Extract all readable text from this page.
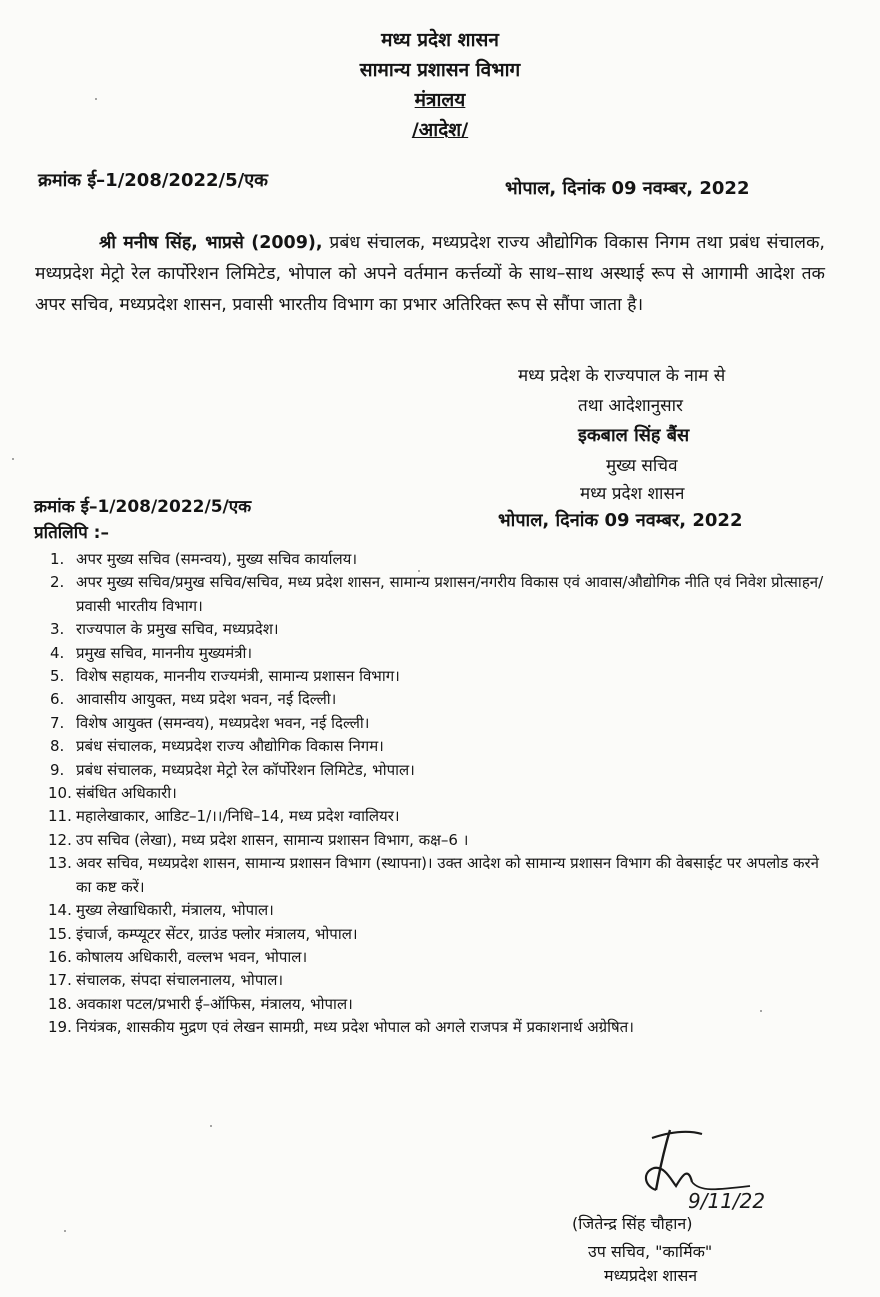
मध्य प्रदेश शासन
सामान्य प्रशासन विभाग
मंत्रालय
/आदेश/
क्रमांक ई–1/208/2022/5/एक	भोपाल, दिनांक 09 नवम्बर, 2022
श्री मनीष सिंह, भाप्रसे (2009), प्रबंध संचालक, मध्यप्रदेश राज्य औद्योगिक विकास निगम तथा प्रबंध संचालक, मध्यप्रदेश मेट्रो रेल कार्पोरेशन लिमिटेड, भोपाल को अपने वर्तमान कर्त्तव्यों के साथ–साथ अस्थाई रूप से आगामी आदेश तक अपर सचिव, मध्यप्रदेश शासन, प्रवासी भारतीय विभाग का प्रभार अतिरिक्त रूप से सौंपा जाता है।
मध्य प्रदेश के राज्यपाल के नाम से
तथा आदेशानुसार
इकबाल सिंह बैंस
मुख्य सचिव
मध्य प्रदेश शासन
क्रमांक ई–1/208/2022/5/एक
भोपाल, दिनांक 09 नवम्बर, 2022
प्रतिलिपि :–
1. अपर मुख्य सचिव (समन्वय), मुख्य सचिव कार्यालय।
2. अपर मुख्य सचिव/प्रमुख सचिव/सचिव, मध्य प्रदेश शासन, सामान्य प्रशासन/नगरीय विकास एवं आवास/औद्योगिक नीति एवं निवेश प्रोत्साहन/प्रवासी भारतीय विभाग।
3. राज्यपाल के प्रमुख सचिव, मध्यप्रदेश।
4. प्रमुख सचिव, माननीय मुख्यमंत्री।
5. विशेष सहायक, माननीय राज्यमंत्री, सामान्य प्रशासन विभाग।
6. आवासीय आयुक्त, मध्य प्रदेश भवन, नई दिल्ली।
7. विशेष आयुक्त (समन्वय), मध्यप्रदेश भवन, नई दिल्ली।
8. प्रबंध संचालक, मध्यप्रदेश राज्य औद्योगिक विकास निगम।
9. प्रबंध संचालक, मध्यप्रदेश मेट्रो रेल कॉर्पोरेशन लिमिटेड, भोपाल।
10. संबंधित अधिकारी।
11. महालेखाकार, आडिट–1/।।/निधि–14, मध्य प्रदेश ग्वालियर।
12. उप सचिव (लेखा), मध्य प्रदेश शासन, सामान्य प्रशासन विभाग, कक्ष–6 ।
13. अवर सचिव, मध्यप्रदेश शासन, सामान्य प्रशासन विभाग (स्थापना)। उक्त आदेश को सामान्य प्रशासन विभाग की वेबसाईट पर अपलोड करने का कष्ट करें।
14. मुख्य लेखाधिकारी, मंत्रालय, भोपाल।
15. इंचार्ज, कम्प्यूटर सेंटर, ग्राउंड फ्लोर मंत्रालय, भोपाल।
16. कोषालय अधिकारी, वल्लभ भवन, भोपाल।
17. संचालक, संपदा संचालनालय, भोपाल।
18. अवकाश पटल/प्रभारी ई–ऑफिस, मंत्रालय, भोपाल।
19. नियंत्रक, शासकीय मुद्रण एवं लेखन सामग्री, मध्य प्रदेश भोपाल को अगले राजपत्र में प्रकाशनार्थ अग्रेषित।
9/11/22
(जितेन्द्र सिंह चौहान)
उप सचिव, "कार्मिक"
मध्यप्रदेश शासन
